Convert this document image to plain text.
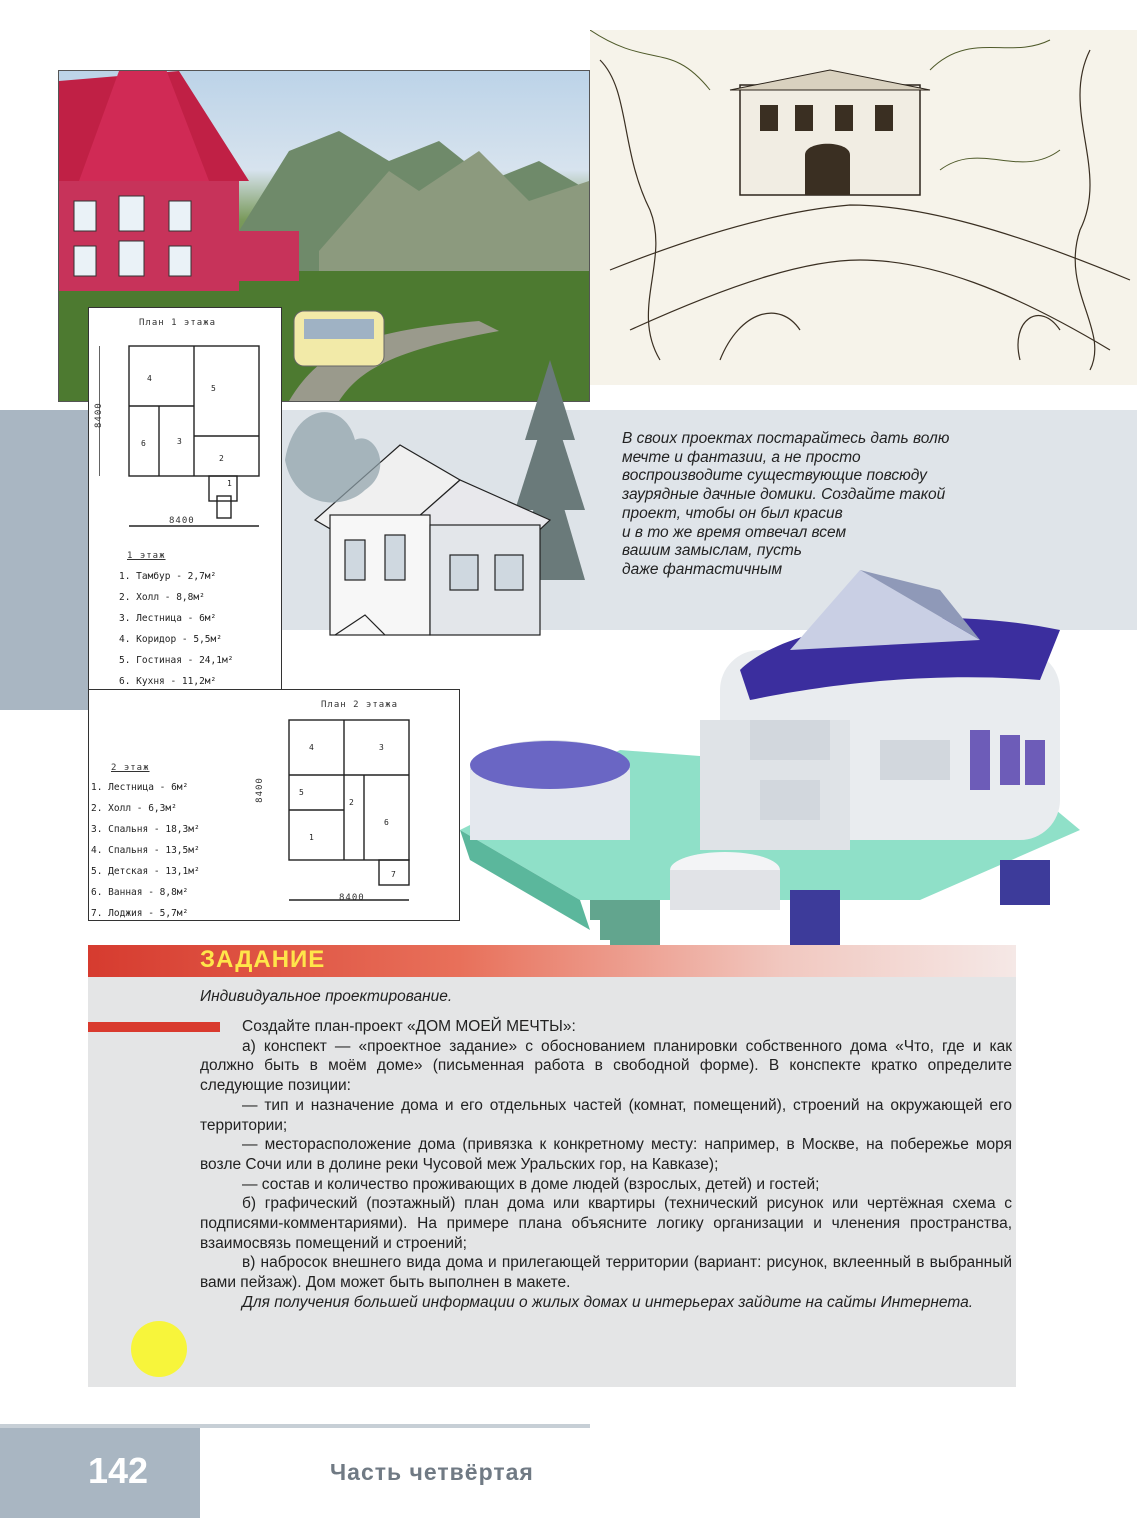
План 1 этажа
4
5
6	3
2
1
8400
8400
1 этаж
1. Тамбур - 2,7м²
2. Холл - 8,8м²
3. Лестница - 6м²
4. Коридор - 5,5м²
5. Гостиная - 24,1м²
6. Кухня - 11,2м²
В своих проектах постарайтесь дать волю
мечте и фантазии, а не просто
воспроизводите существующие повсюду
заурядные дачные домики. Создайте такой
проект, чтобы он был красив
и в то же время отвечал всем
вашим замыслам, пусть
даже фантастичным
План 2 этажа
4	3
5
2
6
1
7
8400
8400
2 этаж
1. Лестница - 6м²
2. Холл - 6,3м²
3. Спальня - 18,3м²
4. Спальня - 13,5м²
5. Детская - 13,1м²
6. Ванная - 8,8м²
7. Лоджия - 5,7м²
ЗАДАНИЕ
Индивидуальное проектирование.

Создайте план-проект «ДОМ МОЕЙ МЕЧТЫ»:

а) конспект — «проектное задание» с обоснованием планировки собственного дома «Что, где и как должно быть в моём доме» (письменная работа в свободной форме). В конспекте кратко определите следующие позиции:

— тип и назначение дома и его отдельных частей (комнат, помещений), строений на окружающей его территории;

— месторасположение дома (привязка к конкретному месту: например, в Москве, на побережье моря возле Сочи или в долине реки Чусовой меж Уральских гор, на Кавказе);

— состав и количество проживающих в доме людей (взрослых, детей) и гостей;

б) графический (поэтажный) план дома или квартиры (технический рисунок или чертёжная схема с подписями-комментариями). На примере плана объясните логику организации и членения пространства, взаимосвязь помещений и строений;

в) набросок внешнего вида дома и прилегающей территории (вариант: рисунок, вклеенный в выбранный вами пейзаж). Дом может быть выполнен в макете.

Для получения большей информации о жилых домах и интерьерах зайдите на сайты Интернета.

142	Часть четвёртая
